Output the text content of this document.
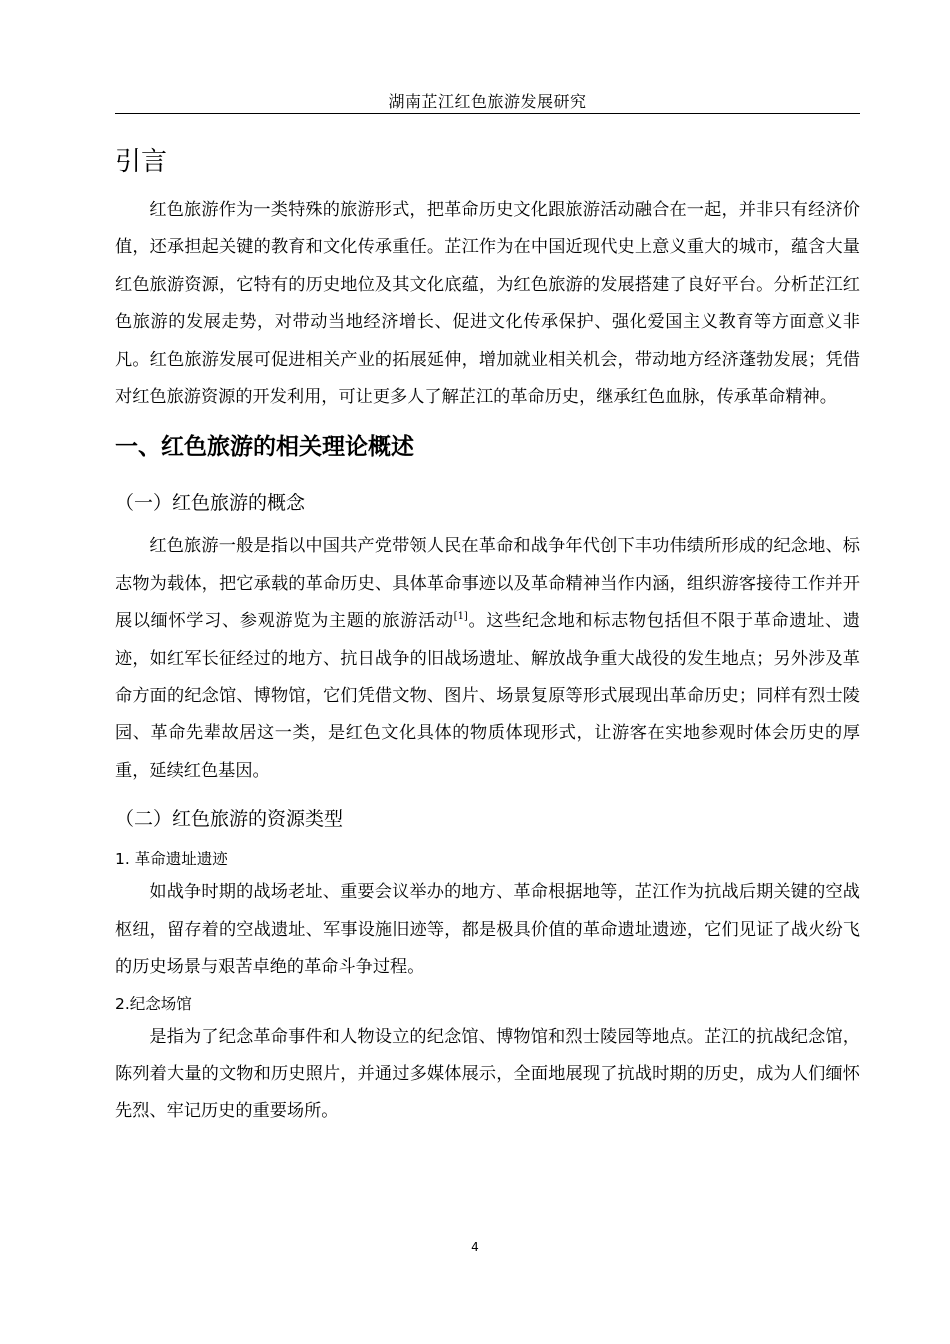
湖南芷江红色旅游发展研究
引言

红色旅游作为一类特殊的旅游形式，把革命历史文化跟旅游活动融合在一起，并非只有经济价值，还承担起关键的教育和文化传承重任。芷江作为在中国近现代史上意义重大的城市，蕴含大量红色旅游资源，它特有的历史地位及其文化底蕴，为红色旅游的发展搭建了良好平台。分析芷江红色旅游的发展走势，对带动当地经济增长、促进文化传承保护、强化爱国主义教育等方面意义非凡。红色旅游发展可促进相关产业的拓展延伸，增加就业相关机会，带动地方经济蓬勃发展；凭借对红色旅游资源的开发利用，可让更多人了解芷江的革命历史，继承红色血脉，传承革命精神。

一、红色旅游的相关理论概述
（一）红色旅游的概念

红色旅游一般是指以中国共产党带领人民在革命和战争年代创下丰功伟绩所形成的纪念地、标志物为载体，把它承载的革命历史、具体革命事迹以及革命精神当作内涵，组织游客接待工作并开展以缅怀学习、参观游览为主题的旅游活动[1]。这些纪念地和标志物包括但不限于革命遗址、遗迹，如红军长征经过的地方、抗日战争的旧战场遗址、解放战争重大战役的发生地点；另外涉及革命方面的纪念馆、博物馆，它们凭借文物、图片、场景复原等形式展现出革命历史；同样有烈士陵园、革命先辈故居这一类，是红色文化具体的物质体现形式，让游客在实地参观时体会历史的厚重，延续红色基因。

（二）红色旅游的资源类型
1. 革命遗址遗迹

如战争时期的战场老址、重要会议举办的地方、革命根据地等，芷江作为抗战后期关键的空战枢纽，留存着的空战遗址、军事设施旧迹等，都是极具价值的革命遗址遗迹，它们见证了战火纷飞的历史场景与艰苦卓绝的革命斗争过程。

2.纪念场馆

是指为了纪念革命事件和人物设立的纪念馆、博物馆和烈士陵园等地点。芷江的抗战纪念馆，陈列着大量的文物和历史照片，并通过多媒体展示，全面地展现了抗战时期的历史，成为人们缅怀先烈、牢记历史的重要场所。

4
